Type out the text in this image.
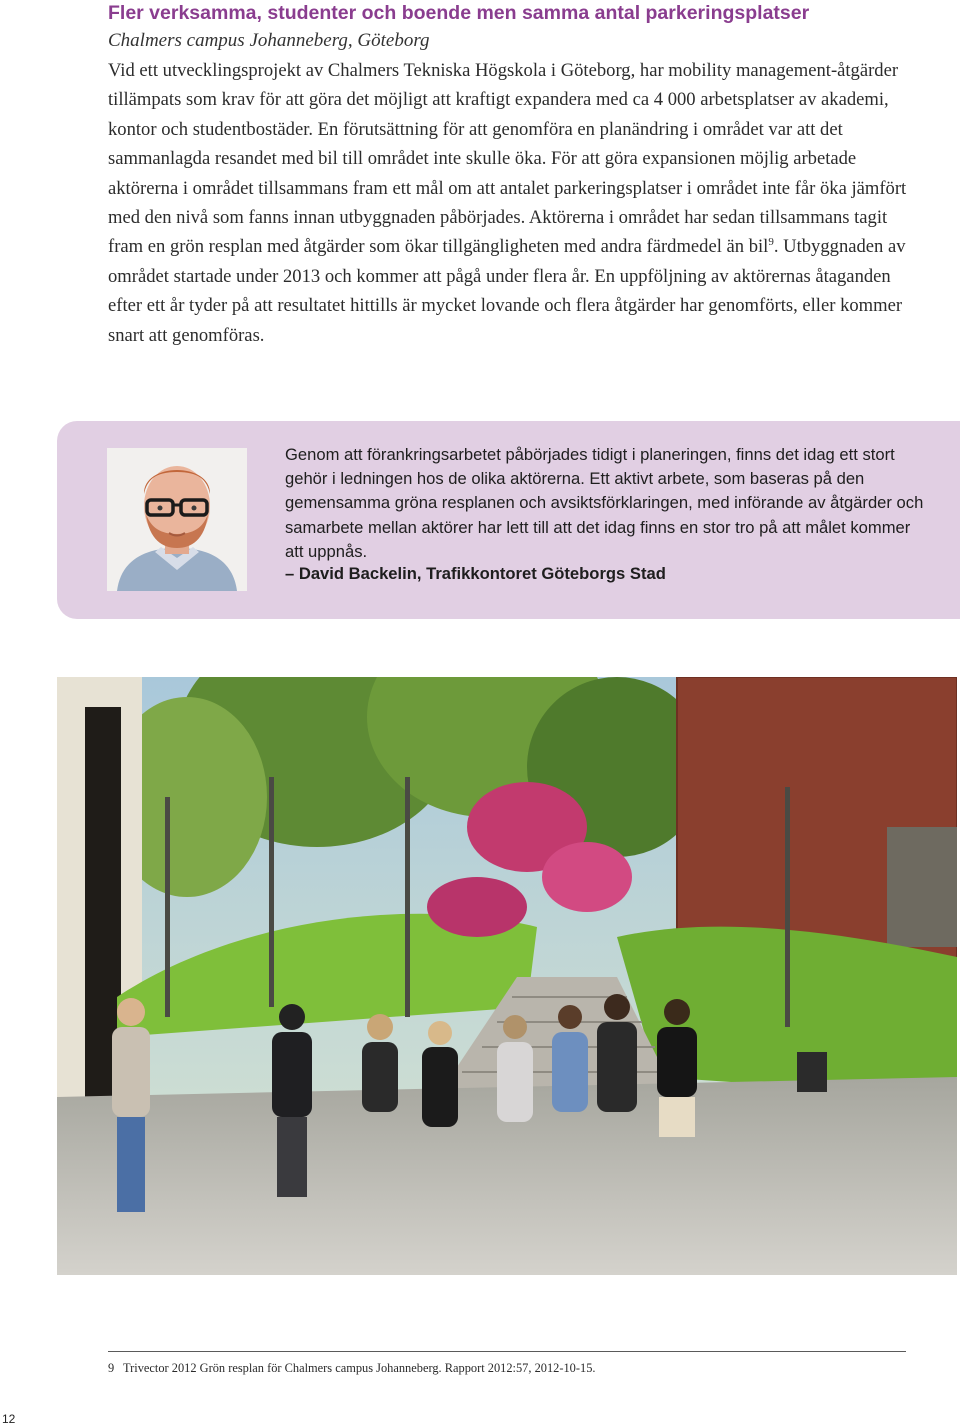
Fler verksamma, studenter och boende men samma antal parkeringsplatser
Chalmers campus Johanneberg, Göteborg

Vid ett utvecklingsprojekt av Chalmers Tekniska Högskola i Göteborg, har mobility management-åtgärder tillämpats som krav för att göra det möjligt att kraftigt expandera med ca 4 000 arbetsplatser av akademi, kontor och studentbostäder. En förutsättning för att genomföra en planändring i området var att det sammanlagda resandet med bil till området inte skulle öka. För att göra expansionen möjlig arbetade aktörerna i området tillsammans fram ett mål om att antalet parkeringsplatser i området inte får öka jämfört med den nivå som fanns innan utbyggnaden påbörjades. Aktörerna i området har sedan tillsammans tagit fram en grön resplan med åtgärder som ökar tillgängligheten med andra färdmedel än bil$^9$. Utbyggnaden av området startade under 2013 och kommer att pågå under flera år. En uppföljning av aktörernas åtaganden efter ett år tyder på att resultatet hittills är mycket lovande och flera åtgärder har genomförts, eller kommer snart att genomföras.

Genom att förankringsarbetet påbörjades tidigt i planeringen, finns det idag ett stort gehör i ledningen hos de olika aktörerna. Ett aktivt arbete, som baseras på den gemensamma gröna resplanen och avsiktsförklaringen, med införande av åtgärder och samarbete mellan aktörer har lett till att det idag finns en stor tro på att målet kommer att uppnås.
– David Backelin, Trafikkontoret Göteborgs Stad
9 Trivector 2012 Grön resplan för Chalmers campus Johanneberg. Rapport 2012:57, 2012-10-15.
12
